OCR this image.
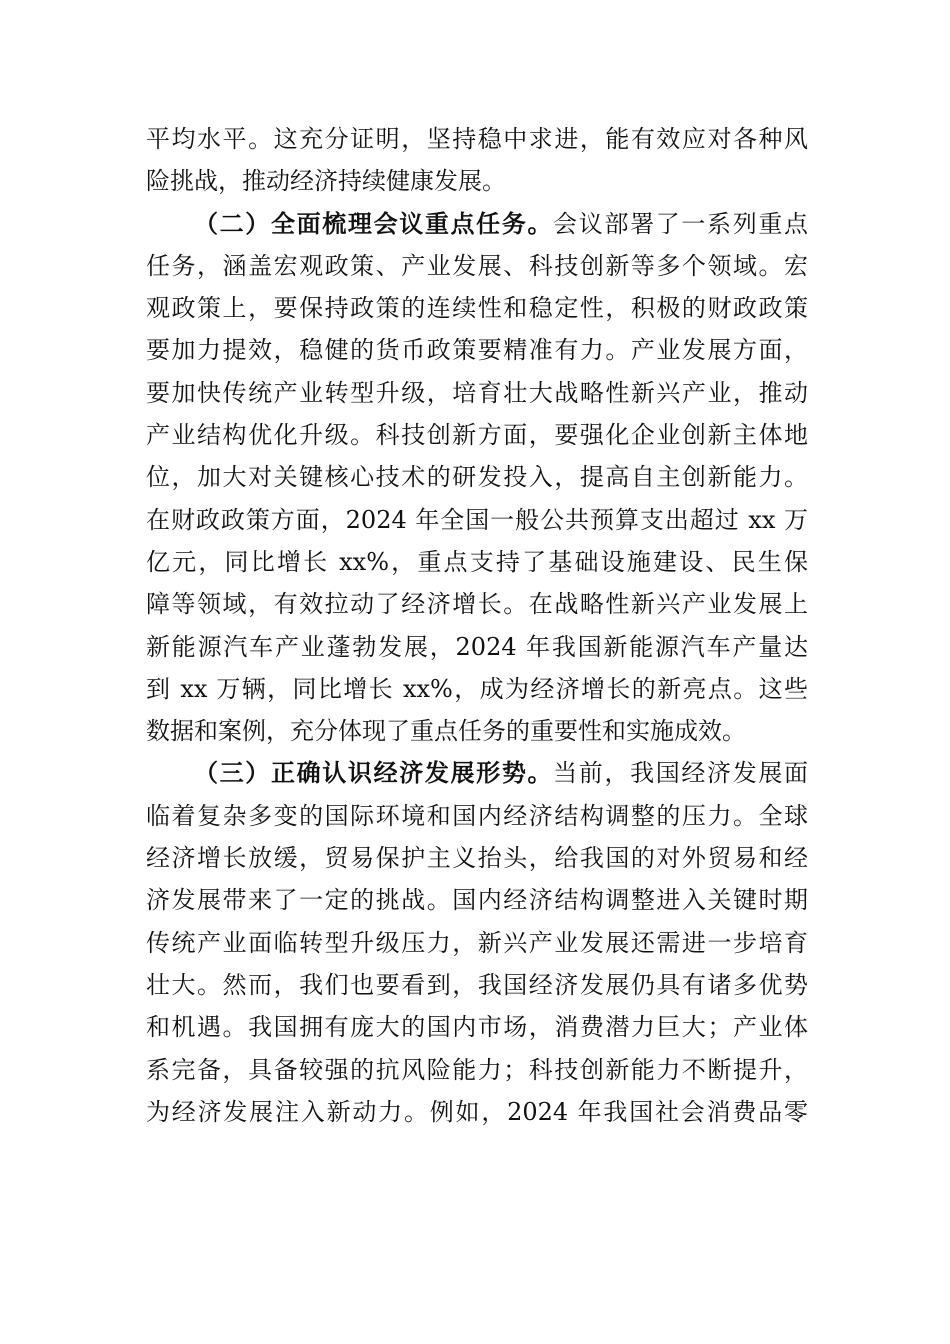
平均水平。这充分证明，坚持稳中求进，能有效应对各种风
险挑战，推动经济持续健康发展。
（二）全面梳理会议重点任务。会议部署了一系列重点
任务，涵盖宏观政策、产业发展、科技创新等多个领域。宏
观政策上，要保持政策的连续性和稳定性，积极的财政政策
要加力提效，稳健的货币政策要精准有力。产业发展方面，
要加快传统产业转型升级，培育壮大战略性新兴产业，推动
产业结构优化升级。科技创新方面，要强化企业创新主体地
位，加大对关键核心技术的研发投入，提高自主创新能力。
在财政政策方面，2024 年全国一般公共预算支出超过 xx 万
亿元，同比增长 xx%，重点支持了基础设施建设、民生保
障等领域，有效拉动了经济增长。在战略性新兴产业发展上
新能源汽车产业蓬勃发展，2024 年我国新能源汽车产量达
到 xx 万辆，同比增长 xx%，成为经济增长的新亮点。这些
数据和案例，充分体现了重点任务的重要性和实施成效。
（三）正确认识经济发展形势。当前，我国经济发展面
临着复杂多变的国际环境和国内经济结构调整的压力。全球
经济增长放缓，贸易保护主义抬头，给我国的对外贸易和经
济发展带来了一定的挑战。国内经济结构调整进入关键时期
传统产业面临转型升级压力，新兴产业发展还需进一步培育
壮大。然而，我们也要看到，我国经济发展仍具有诸多优势
和机遇。我国拥有庞大的国内市场，消费潜力巨大；产业体
系完备，具备较强的抗风险能力；科技创新能力不断提升，
为经济发展注入新动力。例如，2024 年我国社会消费品零
